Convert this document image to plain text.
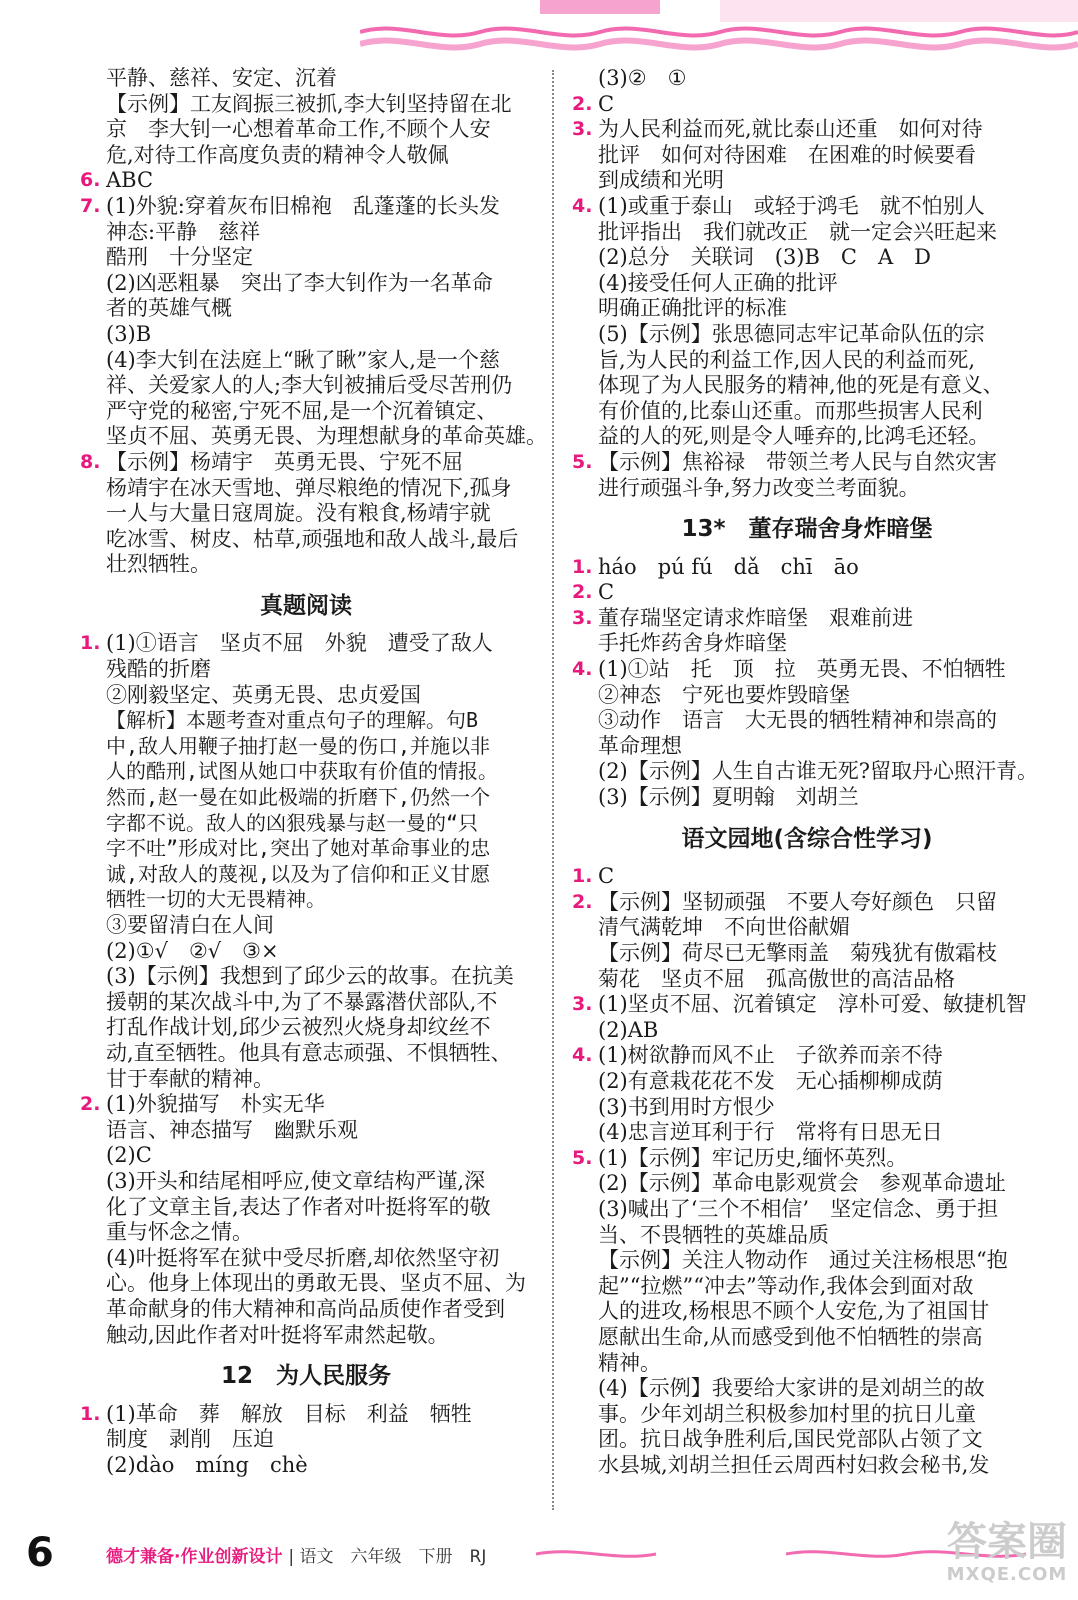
平静、慈祥、安定、沉着
【示例】工友阎振三被抓,李大钊坚持留在北
京　李大钊一心想着革命工作,不顾个人安
危,对待工作高度负责的精神令人敬佩
6. ABC
7. (1)外貌:穿着灰布旧棉袍　乱蓬蓬的长头发
神态:平静　慈祥
酷刑　十分坚定
(2)凶恶粗暴　突出了李大钊作为一名革命
者的英雄气概
(3)B
(4)李大钊在法庭上“瞅了瞅”家人,是一个慈
祥、关爱家人的人;李大钊被捕后受尽苦刑仍
严守党的秘密,宁死不屈,是一个沉着镇定、
坚贞不屈、英勇无畏、为理想献身的革命英雄。
8. 【示例】杨靖宇　英勇无畏、宁死不屈
杨靖宇在冰天雪地、弹尽粮绝的情况下,孤身
一人与大量日寇周旋。没有粮食,杨靖宇就
吃冰雪、树皮、枯草,顽强地和敌人战斗,最后
壮烈牺牲。
真题阅读
1. (1)①语言　坚贞不屈　外貌　遭受了敌人
残酷的折磨
②刚毅坚定、英勇无畏、忠贞爱国
【解析】本题考查对重点句子的理解。句B
中,敌人用鞭子抽打赵一曼的伤口,并施以非
人的酷刑,试图从她口中获取有价值的情报。
然而,赵一曼在如此极端的折磨下,仍然一个
字都不说。敌人的凶狠残暴与赵一曼的“只
字不吐”形成对比,突出了她对革命事业的忠
诚,对敌人的蔑视,以及为了信仰和正义甘愿
牺牲一切的大无畏精神。
③要留清白在人间
(2)①√　②√　③×
(3)【示例】我想到了邱少云的故事。在抗美
援朝的某次战斗中,为了不暴露潜伏部队,不
打乱作战计划,邱少云被烈火烧身却纹丝不
动,直至牺牲。他具有意志顽强、不惧牺牲、
甘于奉献的精神。
2. (1)外貌描写　朴实无华
语言、神态描写　幽默乐观
(2)C
(3)开头和结尾相呼应,使文章结构严谨,深
化了文章主旨,表达了作者对叶挺将军的敬
重与怀念之情。
(4)叶挺将军在狱中受尽折磨,却依然坚守初
心。他身上体现出的勇敢无畏、坚贞不屈、为
革命献身的伟大精神和高尚品质使作者受到
触动,因此作者对叶挺将军肃然起敬。
12　为人民服务
1. (1)革命　葬　解放　目标　利益　牺牲
制度　剥削　压迫
(2)dào　míng　chè
(3)②　①
2. C
3. 为人民利益而死,就比泰山还重　如何对待
批评　如何对待困难　在困难的时候要看
到成绩和光明
4. (1)或重于泰山　或轻于鸿毛　就不怕别人
批评指出　我们就改正　就一定会兴旺起来
(2)总分　关联词　(3)B　C　A　D
(4)接受任何人正确的批评
明确正确批评的标准
(5)【示例】张思德同志牢记革命队伍的宗
旨,为人民的利益工作,因人民的利益而死,
体现了为人民服务的精神,他的死是有意义、
有价值的,比泰山还重。而那些损害人民利
益的人的死,则是令人唾弃的,比鸿毛还轻。
5. 【示例】焦裕禄　带领兰考人民与自然灾害
进行顽强斗争,努力改变兰考面貌。
13*　董存瑞舍身炸暗堡
1. háo　pú fú　dǎ　chī　āo
2. C
3. 董存瑞坚定请求炸暗堡　艰难前进
手托炸药舍身炸暗堡
4. (1)①站　托　顶　拉　英勇无畏、不怕牺牲
②神态　宁死也要炸毁暗堡
③动作　语言　大无畏的牺牲精神和崇高的
革命理想
(2)【示例】人生自古谁无死?留取丹心照汗青。
(3)【示例】夏明翰　刘胡兰
语文园地(含综合性学习)
1. C
2. 【示例】坚韧顽强　不要人夸好颜色　只留
清气满乾坤　不向世俗献媚
【示例】荷尽已无擎雨盖　菊残犹有傲霜枝
菊花　坚贞不屈　孤高傲世的高洁品格
3. (1)坚贞不屈、沉着镇定　淳朴可爱、敏捷机智
(2)AB
4. (1)树欲静而风不止　子欲养而亲不待
(2)有意栽花花不发　无心插柳柳成荫
(3)书到用时方恨少
(4)忠言逆耳利于行　常将有日思无日
5. (1)【示例】牢记历史,缅怀英烈。
(2)【示例】革命电影观赏会　参观革命遗址
(3)喊出了‘三个不相信’　坚定信念、勇于担
当、不畏牺牲的英雄品质
【示例】关注人物动作　通过关注杨根思“抱
起”“拉燃”“冲去”等动作,我体会到面对敌
人的进攻,杨根思不顾个人安危,为了祖国甘
愿献出生命,从而感受到他不怕牺牲的崇高
精神。
(4)【示例】我要给大家讲的是刘胡兰的故
事。少年刘胡兰积极参加村里的抗日儿童
团。抗日战争胜利后,国民党部队占领了文
水县城,刘胡兰担任云周西村妇救会秘书,发
6	德才兼备·作业创新设计 | 语文　六年级　下册　RJ	答案圈
MXQE.COM
